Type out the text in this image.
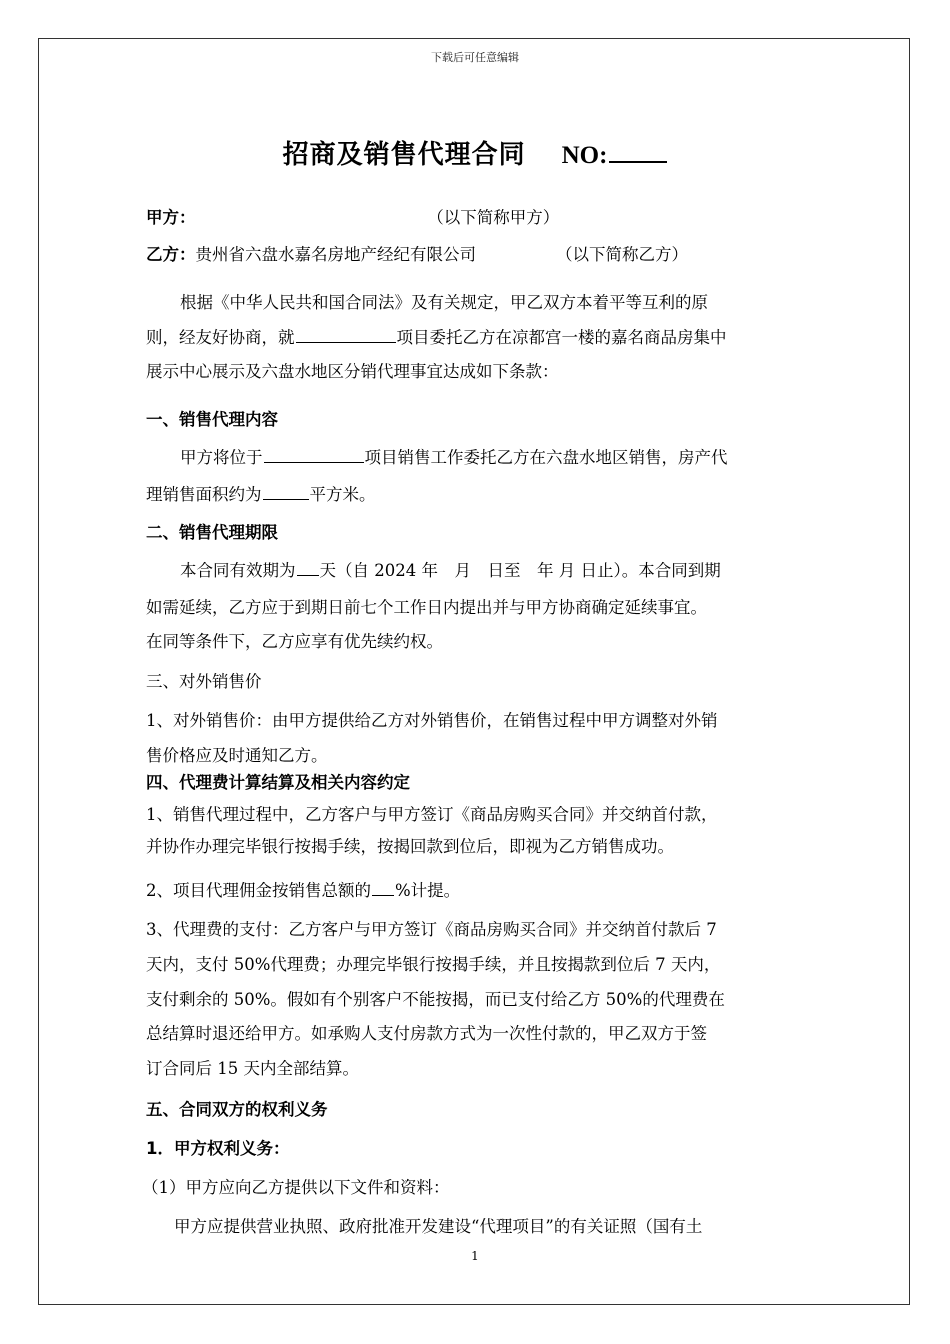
下载后可任意编辑
招商及销售代理合同 NO:
甲方：	（以下简称甲方）
乙方：贵州省六盘水嘉名房地产经纪有限公司	（以下简称乙方）
根据《中华人民共和国合同法》及有关规定，甲乙双方本着平等互利的原
则，经友好协商，就	项目委托乙方在凉都宫一楼的嘉名商品房集中
展示中心展示及六盘水地区分销代理事宜达成如下条款：
一、销售代理内容
甲方将位于	项目销售工作委托乙方在六盘水地区销售，房产代
理销售面积约为	平方米。
二、销售代理期限
本合同有效期为 天（自 2024 年　月　日至　年 月 日止）。本合同到期
如需延续，乙方应于到期日前七个工作日内提出并与甲方协商确定延续事宜。
在同等条件下，乙方应享有优先续约权。
三、对外销售价
1、对外销售价：由甲方提供给乙方对外销售价，在销售过程中甲方调整对外销
售价格应及时通知乙方。
四、代理费计算结算及相关内容约定
1、销售代理过程中，乙方客户与甲方签订《商品房购买合同》并交纳首付款，
并协作办理完毕银行按揭手续，按揭回款到位后，即视为乙方销售成功。
2、项目代理佣金按销售总额的 %计提。
3、代理费的支付：乙方客户与甲方签订《商品房购买合同》并交纳首付款后 7
天内，支付 50%代理费；办理完毕银行按揭手续，并且按揭款到位后 7 天内，
支付剩余的 50%。假如有个别客户不能按揭，而已支付给乙方 50%的代理费在
总结算时退还给甲方。如承购人支付房款方式为一次性付款的，甲乙双方于签
订合同后 15 天内全部结算。
五、合同双方的权利义务
1．甲方权利义务：
（1）甲方应向乙方提供以下文件和资料：
甲方应提供营业执照、政府批准开发建设“代理项目”的有关证照（国有土
1
